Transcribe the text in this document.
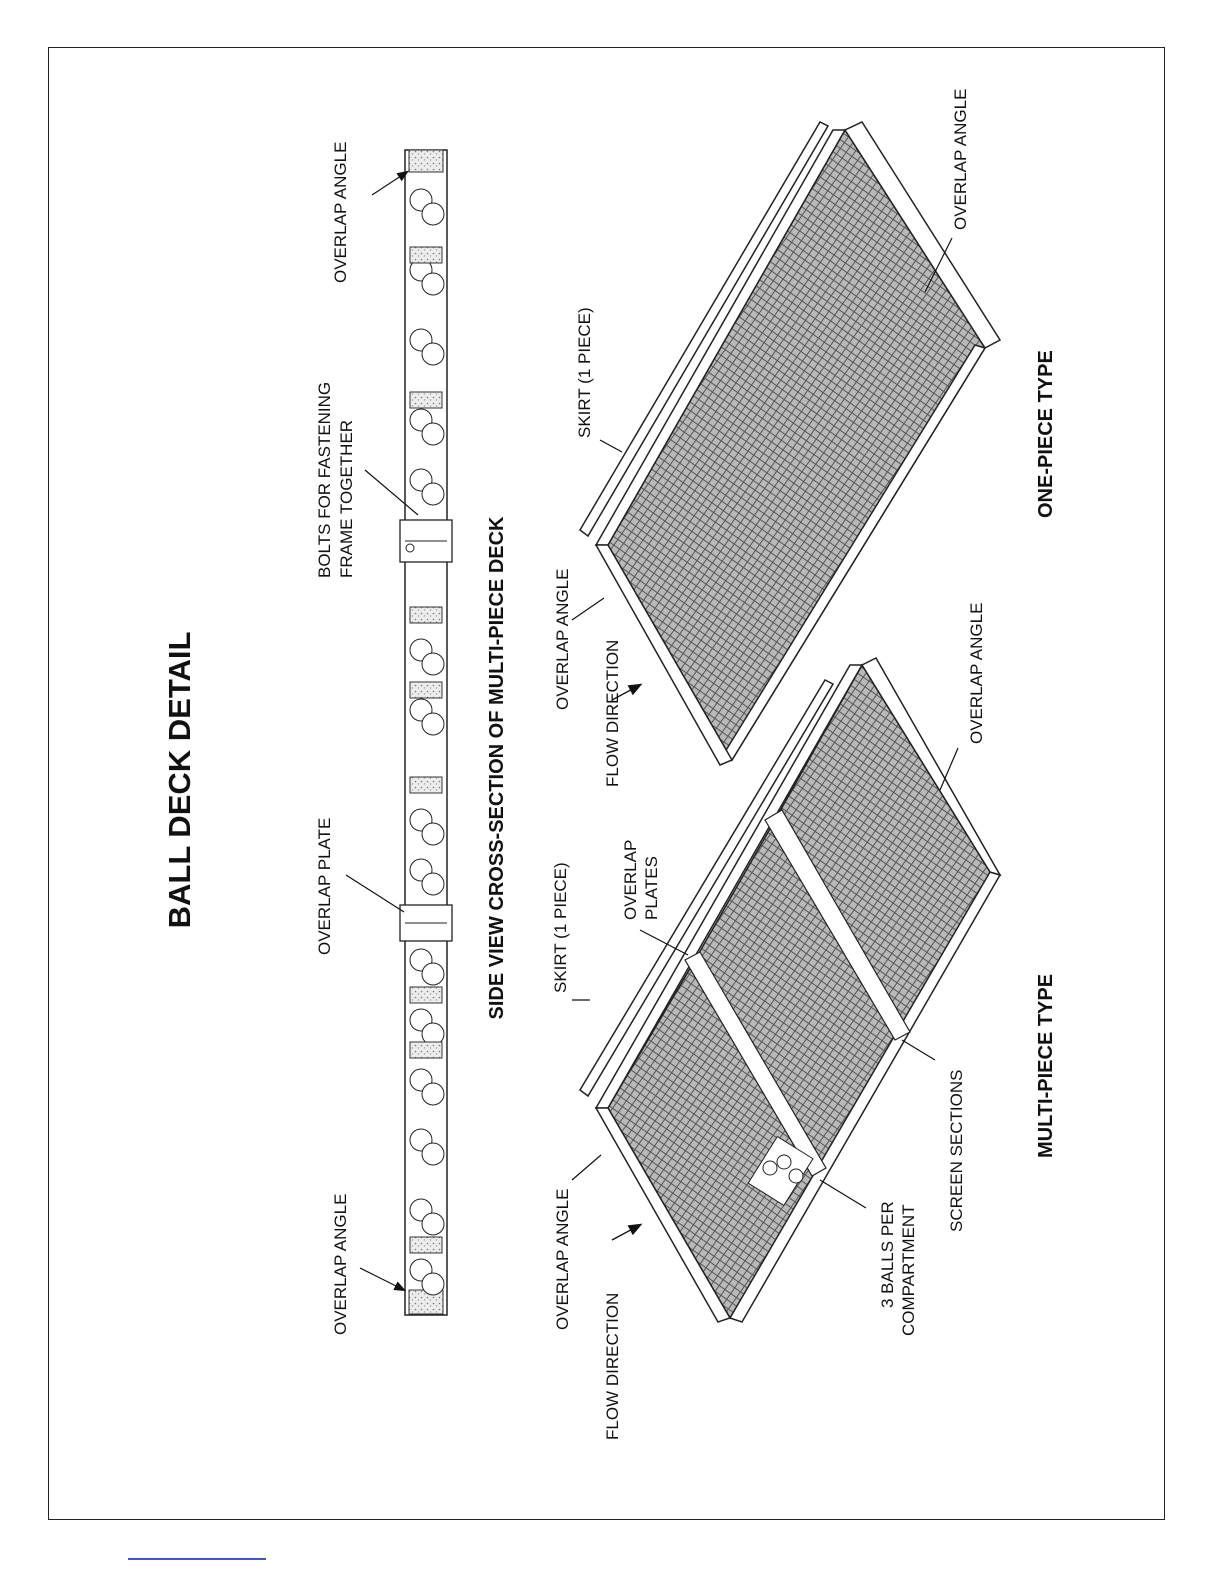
BALL DECK DETAIL
OVERLAP ANGLE
OVERLAP PLATE
BOLTS FOR FASTENING FRAME TOGETHER
OVERLAP ANGLE
SIDE VIEW CROSS-SECTION OF MULTI-PIECE DECK
FLOW DIRECTION
OVERLAP ANGLE
SKIRT (1 PIECE)	OVERLAP PLATES
3 BALLS PER COMPARTMENT
SCREEN SECTIONS
OVERLAP ANGLE
MULTI-PIECE TYPE
FLOW DIRECTION
OVERLAP ANGLE
SKIRT (1 PIECE)
OVERLAP ANGLE
ONE-PIECE TYPE
